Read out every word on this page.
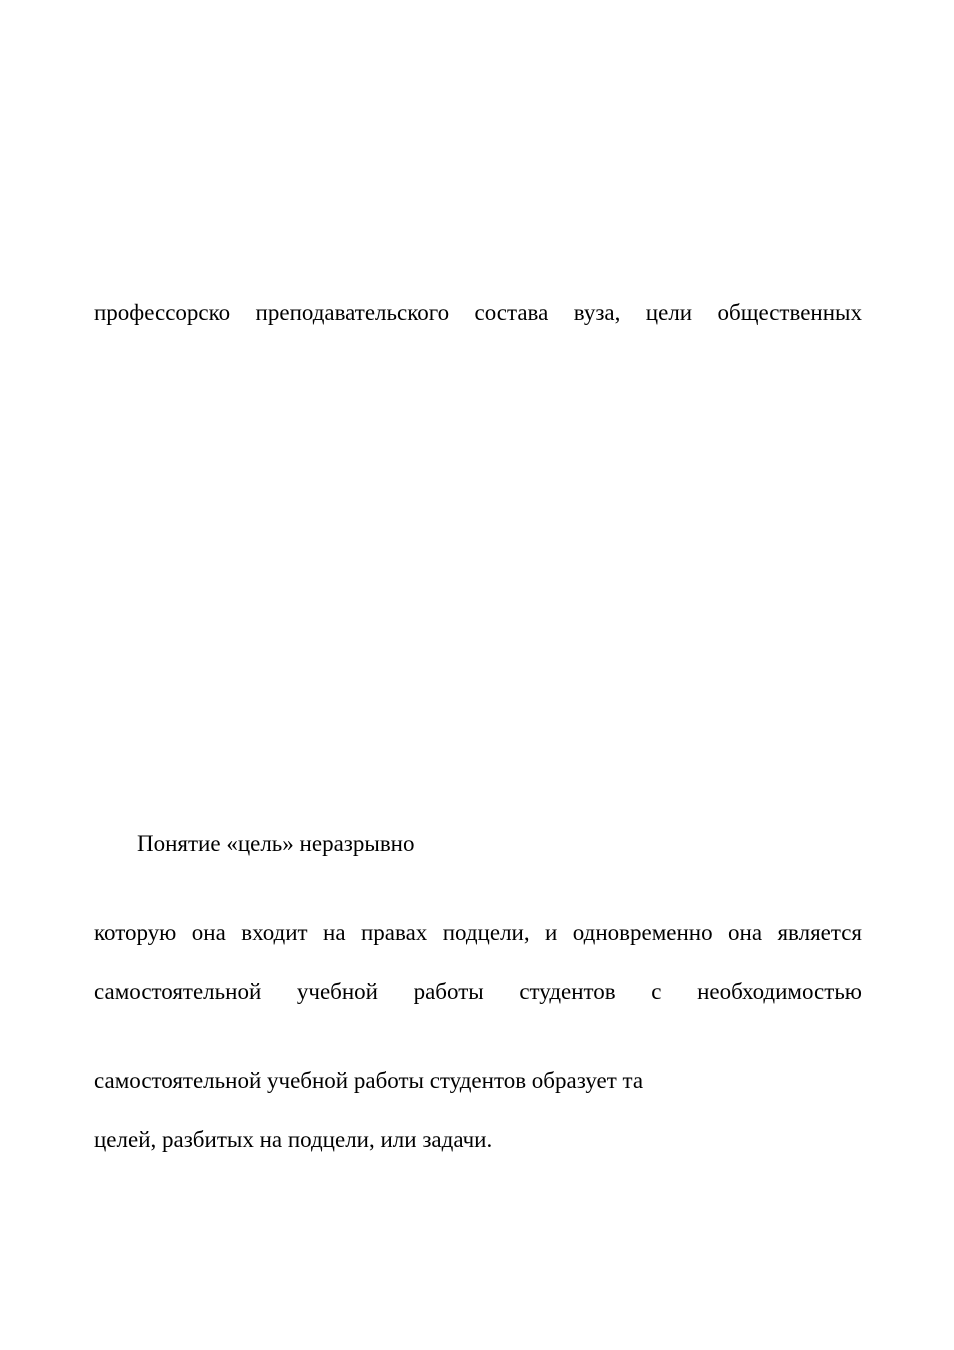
профессорско преподавательского состава вуза, цели общественных
Понятие «цель» неразрывно
которую она входит на правах подцели, и одновременно она является
самостоятельной учебной работы студентов с необходимостью
самостоятельной учебной работы студентов образует та
целей, разбитых на подцели, или задачи.
